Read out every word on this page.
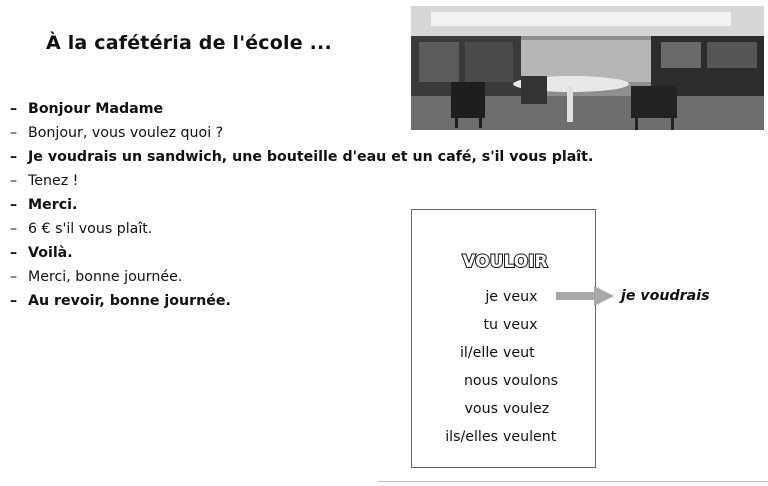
À la cafétéria de l'école ...
– Bonjour Madame
– Bonjour, vous voulez quoi ?
– Je voudrais un sandwich, une bouteille d'eau et un café, s'il vous plaît.
– Tenez !
– Merci.
– 6 € s'il vous plaît.
– Voilà.
– Merci, bonne journée.
– Au revoir, bonne journée.
VOULOIR
je veux
tu veux
il/elle veut
nous voulons
vous voulez
ils/elles veulent
je voudrais
